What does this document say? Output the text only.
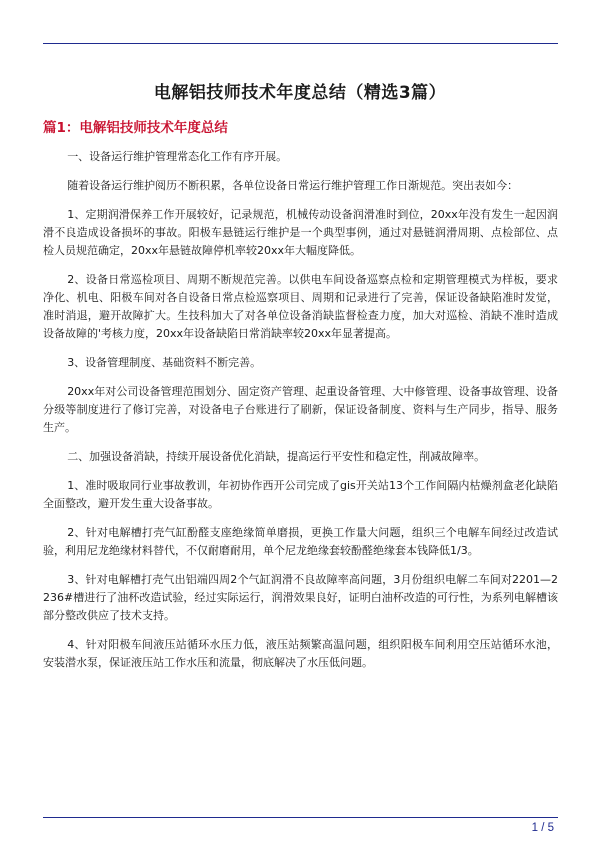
电解铝技师技术年度总结（精选3篇）
篇1：电解铝技师技术年度总结

一、设备运行维护管理常态化工作有序开展。

随着设备运行维护阅历不断积累，各单位设备日常运行维护管理工作日渐规范。突出表如今：

1、定期润滑保养工作开展较好，记录规范，机械传动设备润滑准时到位，20xx年没有发生一起因润滑不良造成设备损坏的事故。阳极车悬链运行维护是一个典型事例，通过对悬链润滑周期、点检部位、点检人员规范确定，20xx年悬链故障停机率较20xx年大幅度降低。

2、设备日常巡检项目、周期不断规范完善。以供电车间设备巡察点检和定期管理模式为样板，要求净化、机电、阳极车间对各自设备日常点检巡察项目、周期和记录进行了完善，保证设备缺陷准时发觉，准时消退，避开故障扩大。生技科加大了对各单位设备消缺监督检查力度，加大对巡检、消缺不准时造成设备故障的'考核力度，20xx年设备缺陷日常消缺率较20xx年显著提高。

3、设备管理制度、基础资料不断完善。

20xx年对公司设备管理范围划分、固定资产管理、起重设备管理、大中修管理、设备事故管理、设备分级等制度进行了修订完善，对设备电子台账进行了刷新，保证设备制度、资料与生产同步，指导、服务生产。

二、加强设备消缺，持续开展设备优化消缺，提高运行平安性和稳定性，削减故障率。

1、准时吸取同行业事故教训，年初协作西开公司完成了gis开关站13个工作间隔内枯燥剂盒老化缺陷全面整改，避开发生重大设备事故。

2、针对电解槽打壳气缸酚醛支座绝缘简单磨损，更换工作量大问题，组织三个电解车间经过改造试验，利用尼龙绝缘材料替代，不仅耐磨耐用，单个尼龙绝缘套较酚醛绝缘套本钱降低1/3。

3、针对电解槽打壳气出铝端四周2个气缸润滑不良故障率高问题，3月份组织电解二车间对2201—2236#槽进行了油杯改造试验，经过实际运行，润滑效果良好，证明白油杯改造的可行性，为系列电解槽该部分整改供应了技术支持。

4、针对阳极车间液压站循环水压力低，液压站频繁高温问题，组织阳极车间利用空压站循环水池，安装潜水泵，保证液压站工作水压和流量，彻底解决了水压低问题。

1 / 5
